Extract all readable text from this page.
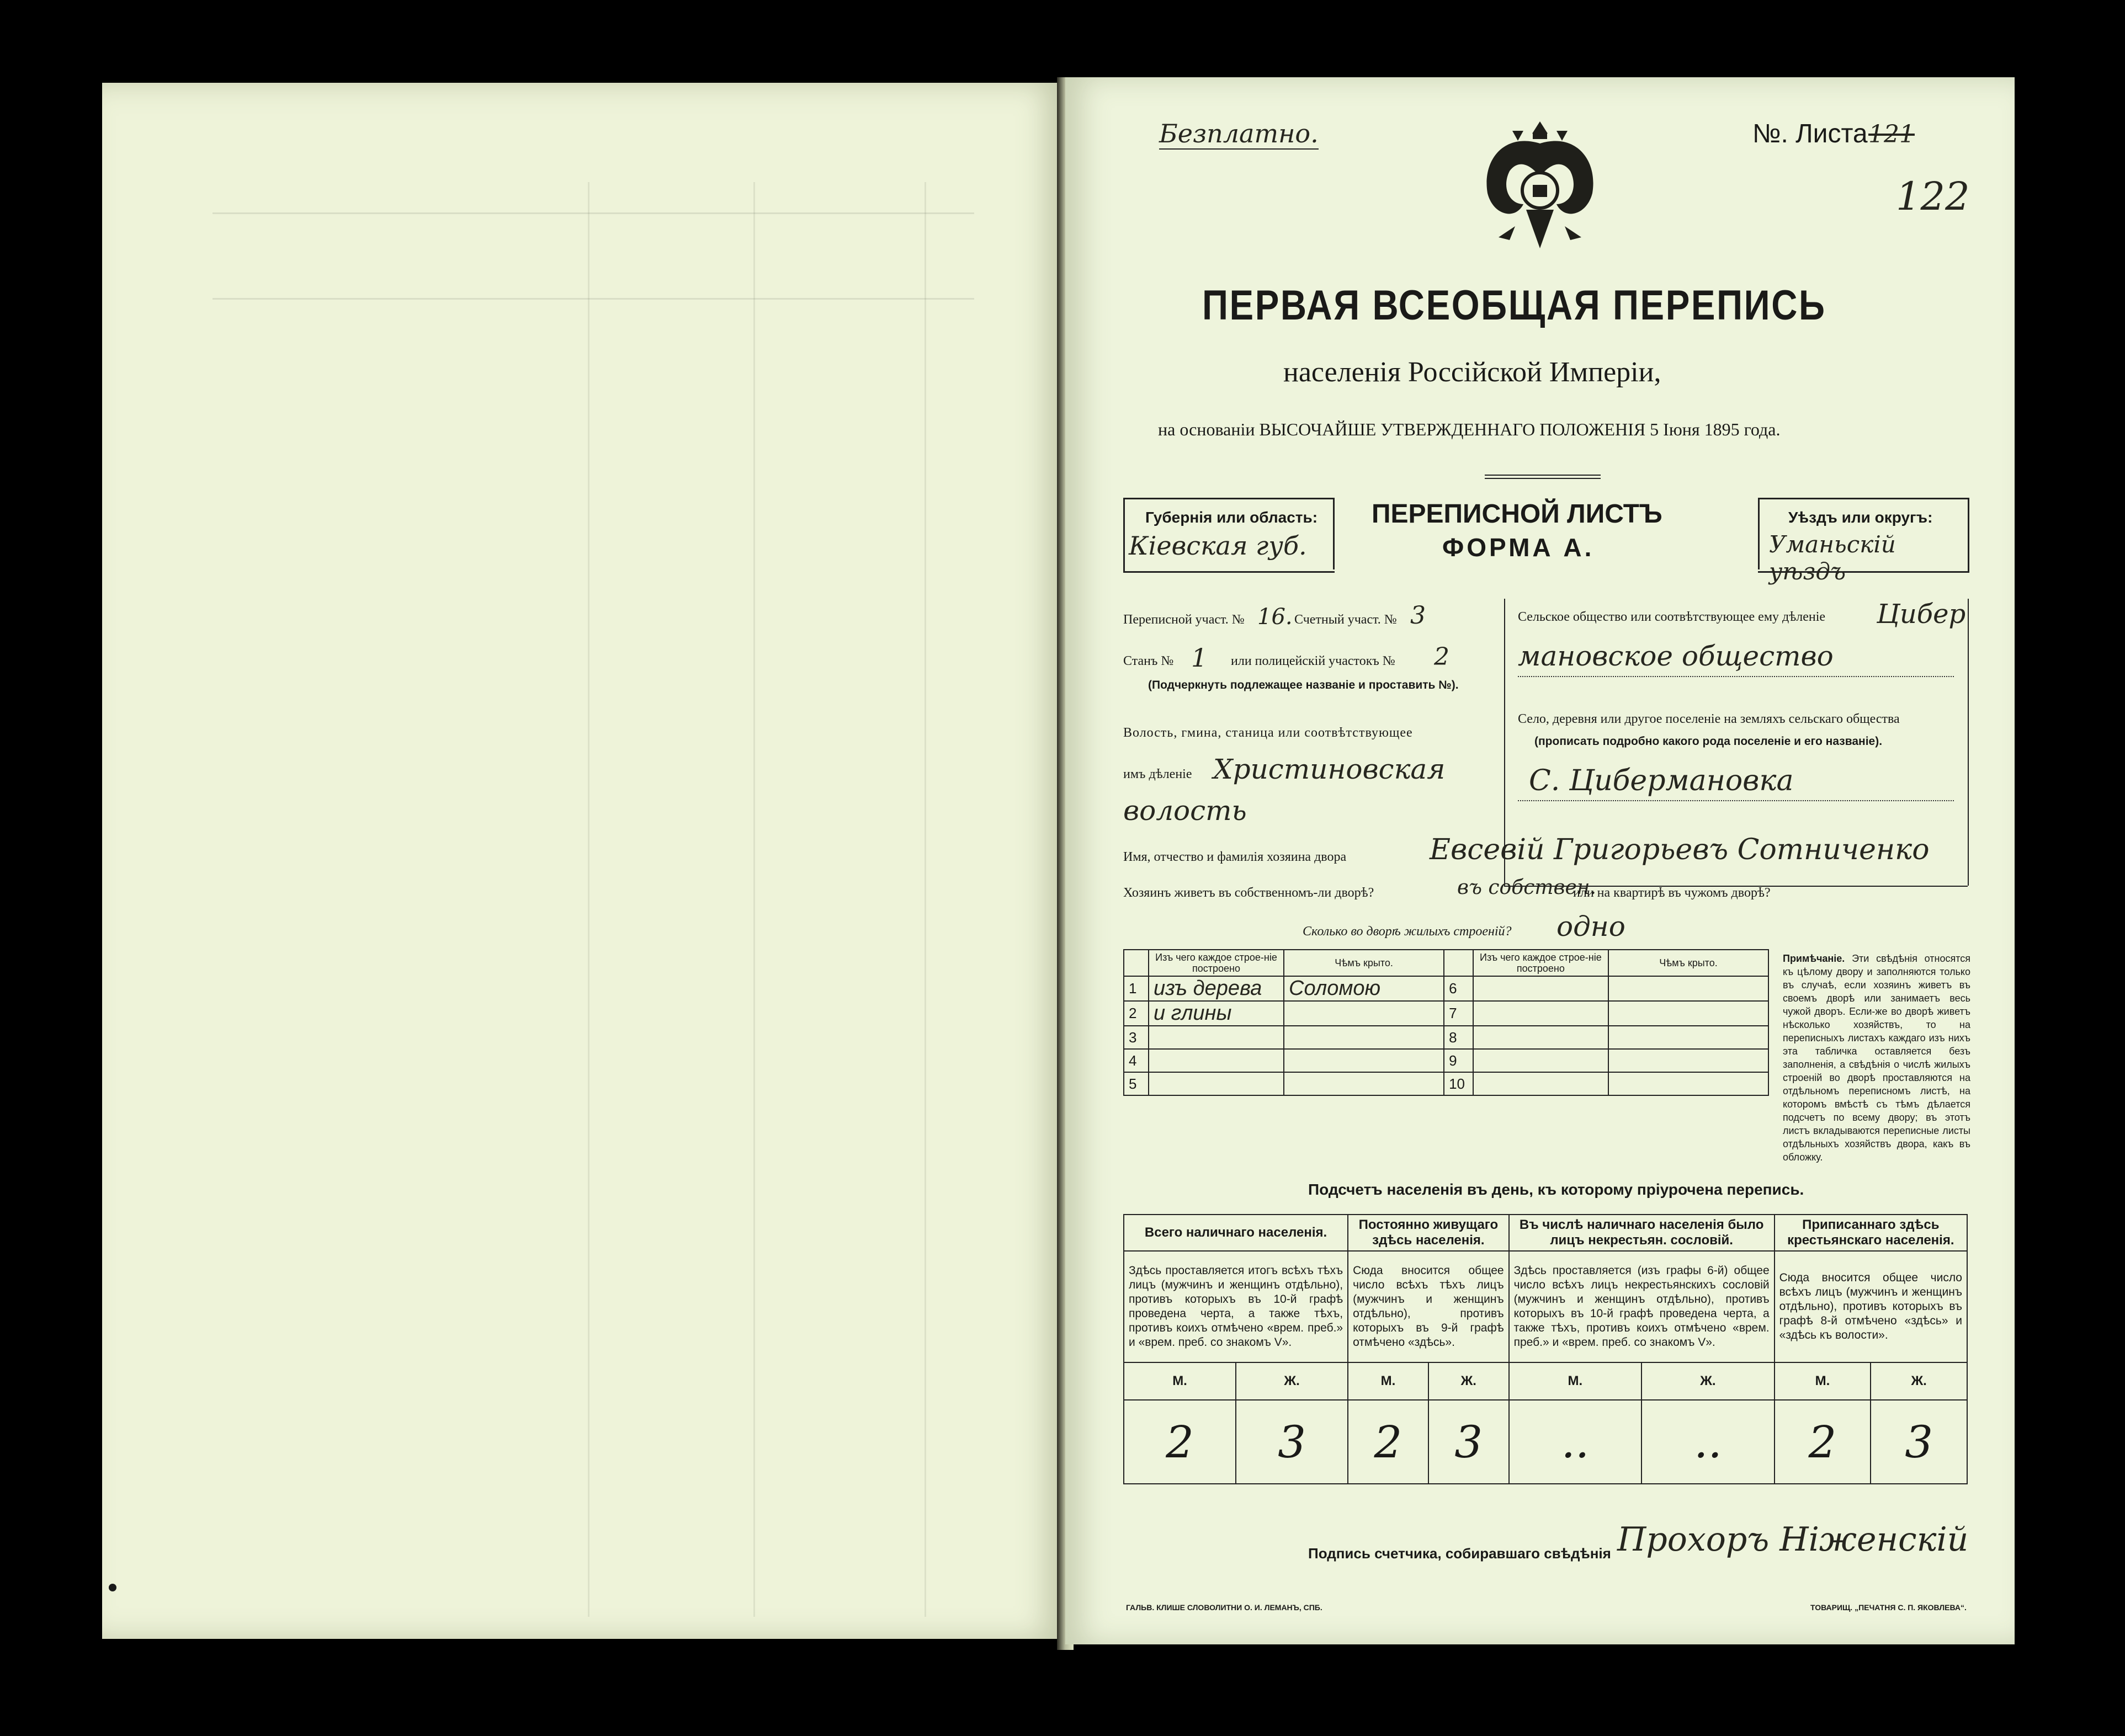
Безплатно.	№. Листа 121
122
ПЕРВАЯ ВСЕОБЩАЯ ПЕРЕПИСЬ
населенія Россійской Имперіи,
на основаніи ВЫСОЧАЙШЕ УТВЕРЖДЕННАГО ПОЛОЖЕНІЯ 5 Іюня 1895 года.
Губернія или область:
Кіевская губ.
ПЕРЕПИСНОЙ ЛИСТЪ
ФОРМА А.
Уѣздъ или округъ:
Уманьскій уѣздъ
Переписной участ. № 16. Счетный участ. № 3
Станъ № 1 или полицейскій участокъ № 2
(Подчеркнуть подлежащее названіе и проставить №).
Волость, гмина, станица или соотвѣтствующее
имъ дѣленіе Христиновская
волость
Сельское общество или соотвѣтствующее ему дѣленіе Цибер
мановское общество
Село, деревня или другое поселеніе на земляхъ сельскаго общества
(прописать подробно какого рода поселеніе и его названіе).
С. Цибермановка
Имя, отчество и фамилія хозяина двора	Евсевій Григорьевъ Сотниченко
Хозяинъ живетъ въ собственномъ-ли дворѣ?	въ собствен.
или на квартирѣ въ чужомъ дворѣ?
Сколько во дворѣ жилыхъ строеній? одно
	Изъ чего каждое строе-ніе построено	Чѣмъ крыто.		Изъ чего каждое строе-ніе построено	Чѣмъ крыто.
1	изъ дерева	Соломою	6		
2	и глины		7		
3			8		
4			9		
5			10		
Примѣчаніе. Эти свѣдѣнія относятся къ цѣлому двору и заполняются только въ случаѣ, если хозяинъ живетъ въ своемъ дворѣ или занимаетъ весь чужой дворъ. Если-же во дворѣ живетъ нѣсколько хозяйствъ, то на переписныхъ листахъ каждаго изъ нихъ эта табличка оставляется безъ заполненія, а свѣдѣнія о числѣ жилыхъ строеній во дворѣ проставляются на отдѣльномъ переписномъ листѣ, на которомъ вмѣстѣ съ тѣмъ дѣлается подсчетъ по всему двору; въ этотъ листъ вкладываются переписные листы отдѣльныхъ хозяйствъ двора, какъ въ обложку.
Подсчетъ населенія въ день, къ которому пріурочена перепись.
Всего наличнаго населенія.		Постоянно живущаго здѣсь населенія.		Въ числѣ наличнаго населенія было лицъ некрестьян. сословій.		Приписаннаго здѣсь крестьянскаго населенія.	
Здѣсь проставляется итогъ всѣхъ тѣхъ лицъ (мужчинъ и женщинъ отдѣльно), противъ которыхъ въ 10-й графѣ проведена черта, а также тѣхъ, противъ коихъ отмѣчено «врем. преб.» и «врем. преб. со знакомъ V».		Сюда вносится общее число всѣхъ тѣхъ лицъ (мужчинъ и женщинъ отдѣльно), противъ которыхъ въ 9-й графѣ отмѣчено «здѣсь».		Здѣсь проставляется (изъ графы 6-й) общее число всѣхъ лицъ некрестьянскихъ сословій (мужчинъ и женщинъ отдѣльно), противъ которыхъ въ 10-й графѣ проведена черта, а также тѣхъ, противъ коихъ отмѣчено «врем. преб.» и «врем. преб. со знакомъ V».		Сюда вносится общее число всѣхъ лицъ (мужчинъ и женщинъ отдѣльно), противъ которыхъ въ графѣ 8-й отмѣчено «здѣсь» и «здѣсь къ волости».	
М.	Ж.	М.	Ж.	М.	Ж.	М.	Ж.
2	3	2	3	..	..	2	3
Подпись счетчика, собиравшаго свѣдѣнія Прохоръ Ніженскій
ГАЛЬВ. КЛИШЕ СЛОВОЛИТНИ О. И. ЛЕМАНЪ, СПБ.	ТОВАРИЩ. „ПЕЧАТНЯ С. П. ЯКОВЛЕВА“.
